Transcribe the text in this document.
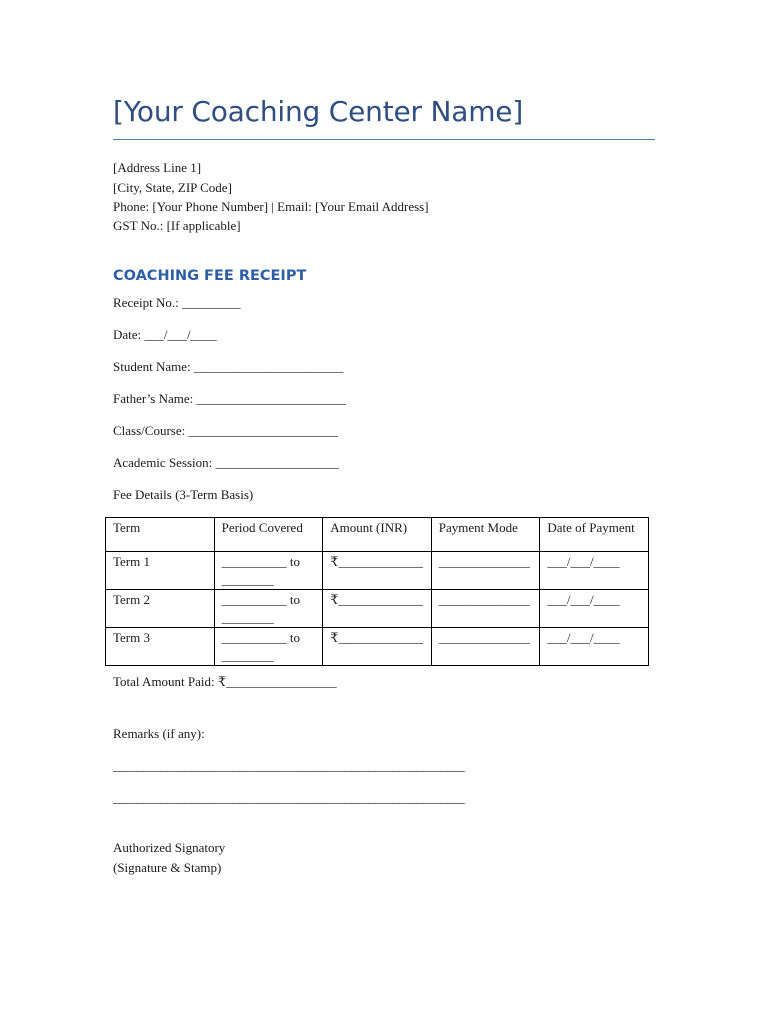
[Your Coaching Center Name]
[Address Line 1]
[City, State, ZIP Code]
Phone: [Your Phone Number] | Email: [Your Email Address]
GST No.: [If applicable]
COACHING FEE RECEIPT
Receipt No.: _________
Date: ___/___/____
Student Name: _______________________
Father’s Name: _______________________
Class/Course: _______________________
Academic Session: ___________________
Fee Details (3-Term Basis)
Term	Period Covered	Amount (INR)	Payment Mode	Date of Payment
Term 1	__________ to ________	₹_____________	______________	___/___/____
Term 2	__________ to ________	₹_____________	______________	___/___/____
Term 3	__________ to ________	₹_____________	______________	___/___/____
Total Amount Paid: ₹_________________
Remarks (if any):
___________________________________________________________
___________________________________________________________
Authorized Signatory
(Signature & Stamp)
